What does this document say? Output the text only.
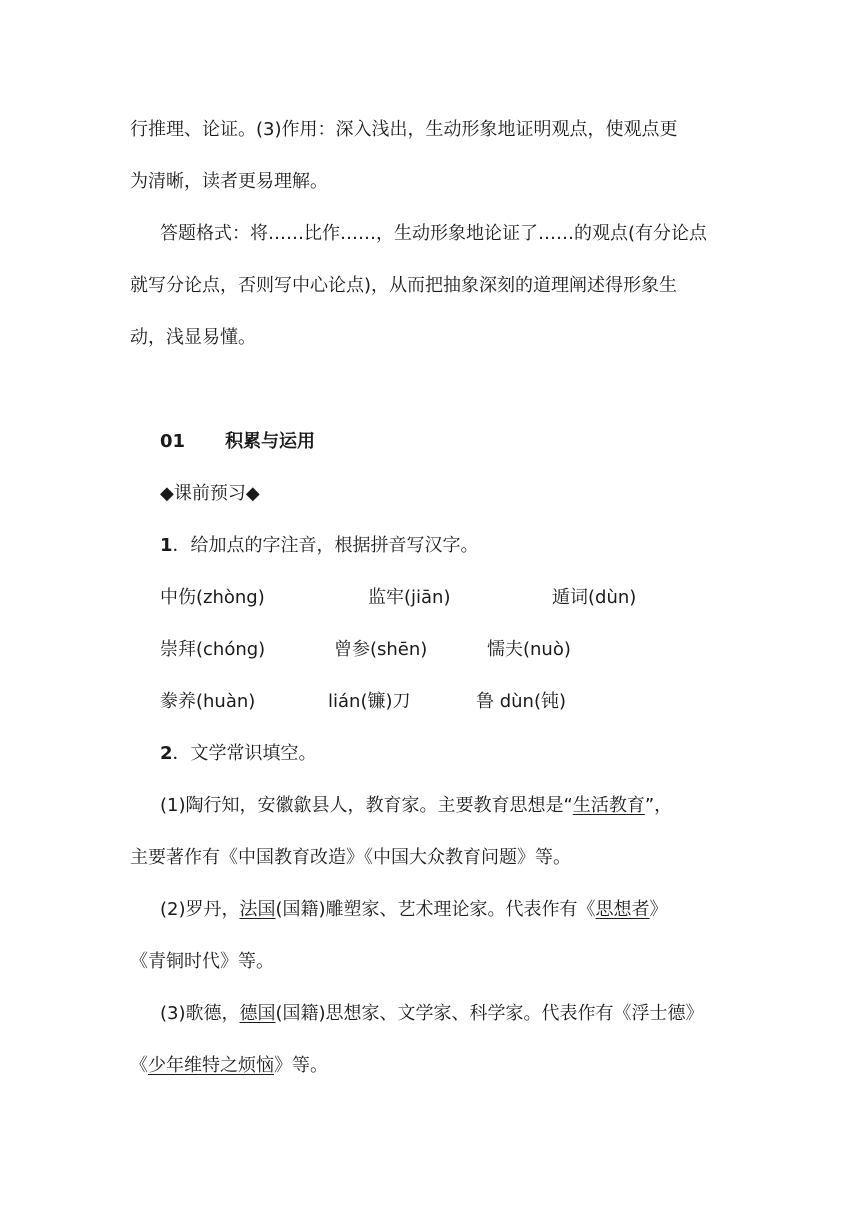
行推理、论证。(3)作用：深入浅出，生动形象地证明观点，使观点更
为清晰，读者更易理解。
答题格式：将……比作……，生动形象地论证了……的观点(有分论点
就写分论点，否则写中心论点)，从而把抽象深刻的道理阐述得形象生
动，浅显易懂。
01 积累与运用
◆课前预习◆
1．给加点的字注音，根据拼音写汉字。
中伤(zhòng)	监牢(jiān)	遁词(dùn)
崇拜(chóng)	曾参(shēn)	懦夫(nuò)
豢养(huàn)	lián(镰)刀	鲁 dùn(钝)
2．文学常识填空。
(1)陶行知，安徽歙县人，教育家。主要教育思想是“生活教育”，
主要著作有《中国教育改造》《中国大众教育问题》等。
(2)罗丹，法国(国籍)雕塑家、艺术理论家。代表作有《思想者》
《青铜时代》等。
(3)歌德，德国(国籍)思想家、文学家、科学家。代表作有《浮士德》
《少年维特之烦恼》等。
